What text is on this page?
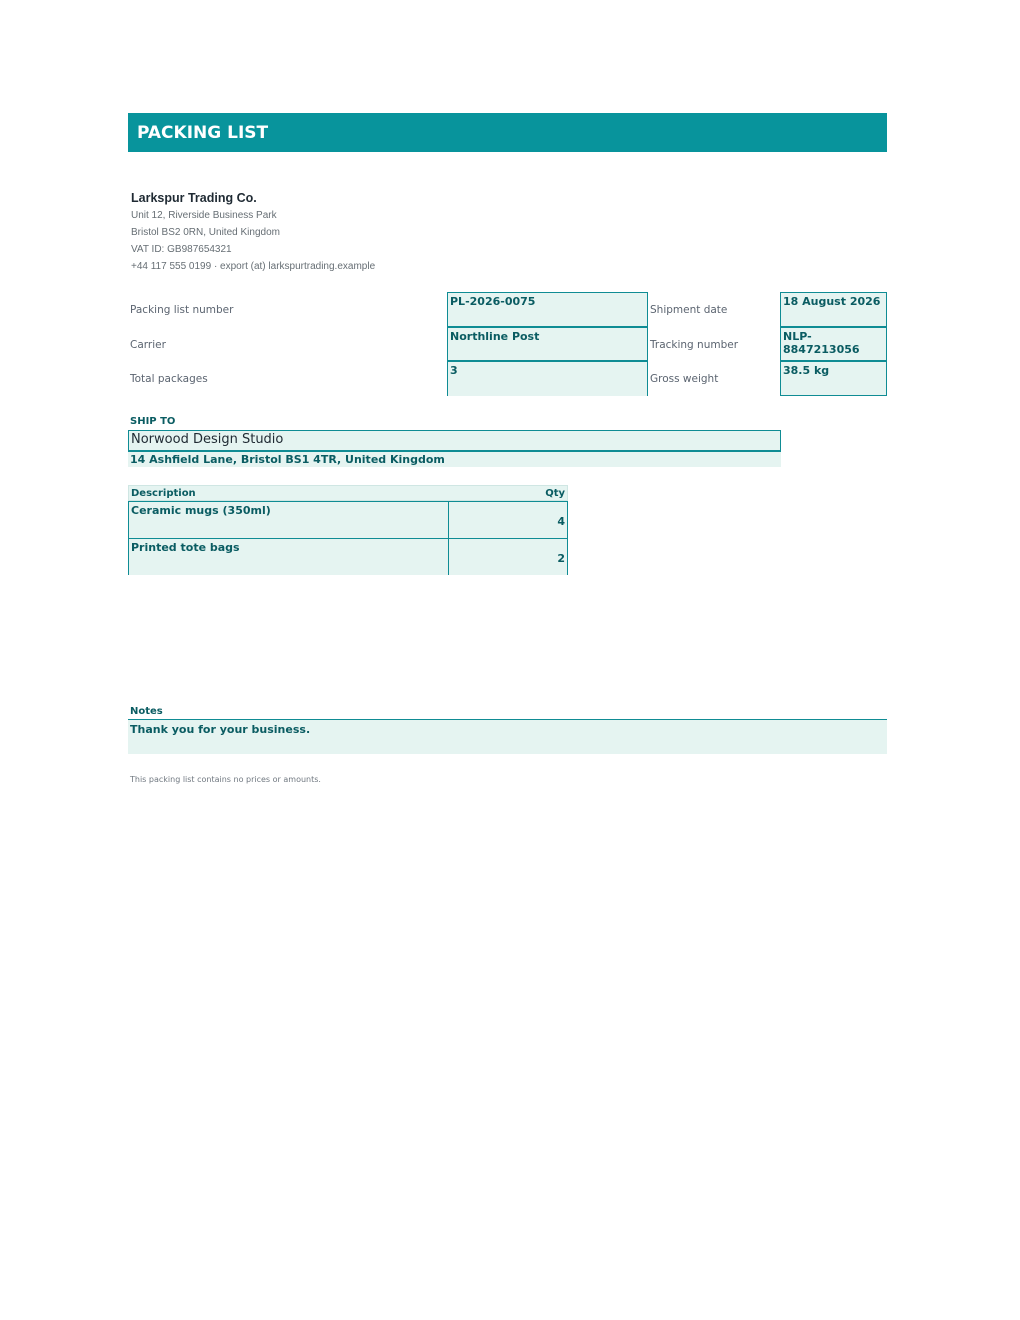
PACKING LIST
Larkspur Trading Co.
Unit 12, Riverside Business Park
Bristol BS2 0RN, United Kingdom
VAT ID: GB987654321
+44 117 555 0199 · export (at) larkspurtrading.example
Packing list number
PL-2026-0075
Shipment date
18 August 2026
Carrier
Northline Post
Tracking number
NLP-8847213056
Total packages
3
Gross weight
38.5 kg
SHIP TO
Norwood Design Studio
14 Ashfield Lane, Bristol BS1 4TR, United Kingdom
Description	Qty
Ceramic mugs (350ml)
4
Printed tote bags
2
Notes
Thank you for your business.
This packing list contains no prices or amounts.
